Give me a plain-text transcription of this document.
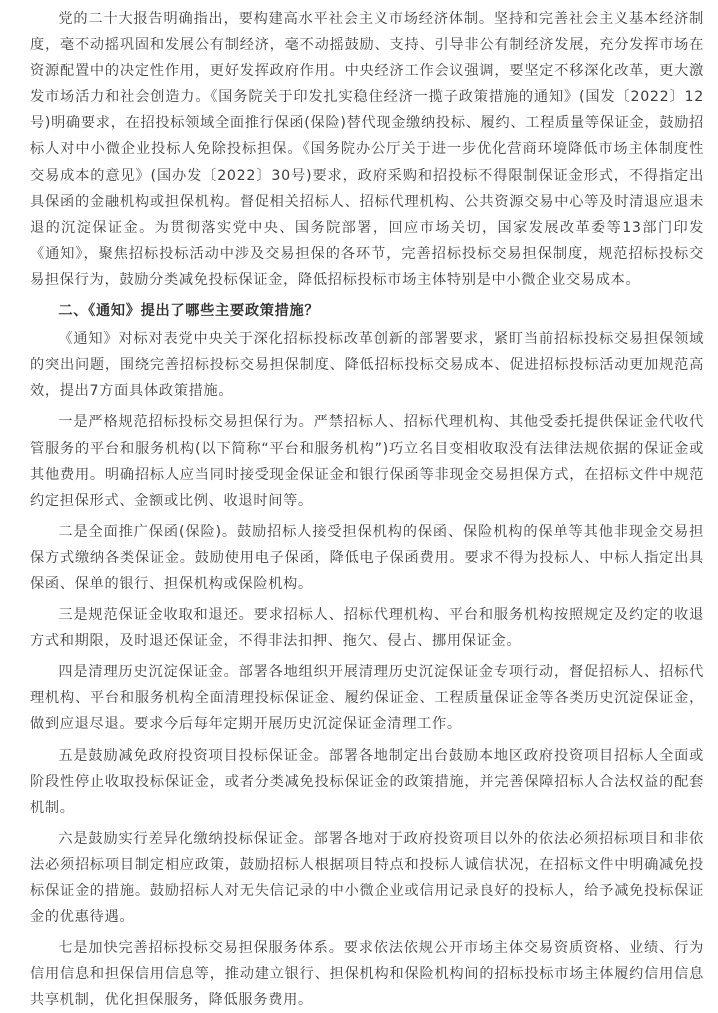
党的二十大报告明确指出，要构建高水平社会主义市场经济体制。坚持和完善社会主义基本经济制度，毫不动摇巩固和发展公有制经济，毫不动摇鼓励、支持、引导非公有制经济发展，充分发挥市场在资源配置中的决定性作用，更好发挥政府作用。中央经济工作会议强调，要坚定不移深化改革，更大激发市场活力和社会创造力。《国务院关于印发扎实稳住经济一揽子政策措施的通知》(国发〔2022〕12号)明确要求，在招投标领域全面推行保函(保险)替代现金缴纳投标、履约、工程质量等保证金，鼓励招标人对中小微企业投标人免除投标担保。《国务院办公厅关于进一步优化营商环境降低市场主体制度性交易成本的意见》(国办发〔2022〕30号)要求，政府采购和招投标不得限制保证金形式，不得指定出具保函的金融机构或担保机构。督促相关招标人、招标代理机构、公共资源交易中心等及时清退应退未退的沉淀保证金。为贯彻落实党中央、国务院部署，回应市场关切，国家发展改革委等13部门印发《通知》，聚焦招标投标活动中涉及交易担保的各环节，完善招标投标交易担保制度，规范招标投标交易担保行为，鼓励分类减免投标保证金，降低招标投标市场主体特别是中小微企业交易成本。

二、《通知》提出了哪些主要政策措施？

《通知》对标对表党中央关于深化招标投标改革创新的部署要求，紧盯当前招标投标交易担保领域的突出问题，围绕完善招标投标交易担保制度、降低招标投标交易成本、促进招标投标活动更加规范高效，提出7方面具体政策措施。

一是严格规范招标投标交易担保行为。严禁招标人、招标代理机构、其他受委托提供保证金代收代管服务的平台和服务机构(以下简称“平台和服务机构”)巧立名目变相收取没有法律法规依据的保证金或其他费用。明确招标人应当同时接受现金保证金和银行保函等非现金交易担保方式，在招标文件中规范约定担保形式、金额或比例、收退时间等。

二是全面推广保函(保险)。鼓励招标人接受担保机构的保函、保险机构的保单等其他非现金交易担保方式缴纳各类保证金。鼓励使用电子保函，降低电子保函费用。要求不得为投标人、中标人指定出具保函、保单的银行、担保机构或保险机构。

三是规范保证金收取和退还。要求招标人、招标代理机构、平台和服务机构按照规定及约定的收退方式和期限，及时退还保证金，不得非法扣押、拖欠、侵占、挪用保证金。

四是清理历史沉淀保证金。部署各地组织开展清理历史沉淀保证金专项行动，督促招标人、招标代理机构、平台和服务机构全面清理投标保证金、履约保证金、工程质量保证金等各类历史沉淀保证金，做到应退尽退。要求今后每年定期开展历史沉淀保证金清理工作。

五是鼓励减免政府投资项目投标保证金。部署各地制定出台鼓励本地区政府投资项目招标人全面或阶段性停止收取投标保证金，或者分类减免投标保证金的政策措施，并完善保障招标人合法权益的配套机制。

六是鼓励实行差异化缴纳投标保证金。部署各地对于政府投资项目以外的依法必须招标项目和非依法必须招标项目制定相应政策，鼓励招标人根据项目特点和投标人诚信状况，在招标文件中明确减免投标保证金的措施。鼓励招标人对无失信记录的中小微企业或信用记录良好的投标人，给予减免投标保证金的优惠待遇。

七是加快完善招标投标交易担保服务体系。要求依法依规公开市场主体交易资质资格、业绩、行为信用信息和担保信用信息等，推动建立银行、担保机构和保险机构间的招标投标市场主体履约信用信息共享机制，优化担保服务，降低服务费用。
